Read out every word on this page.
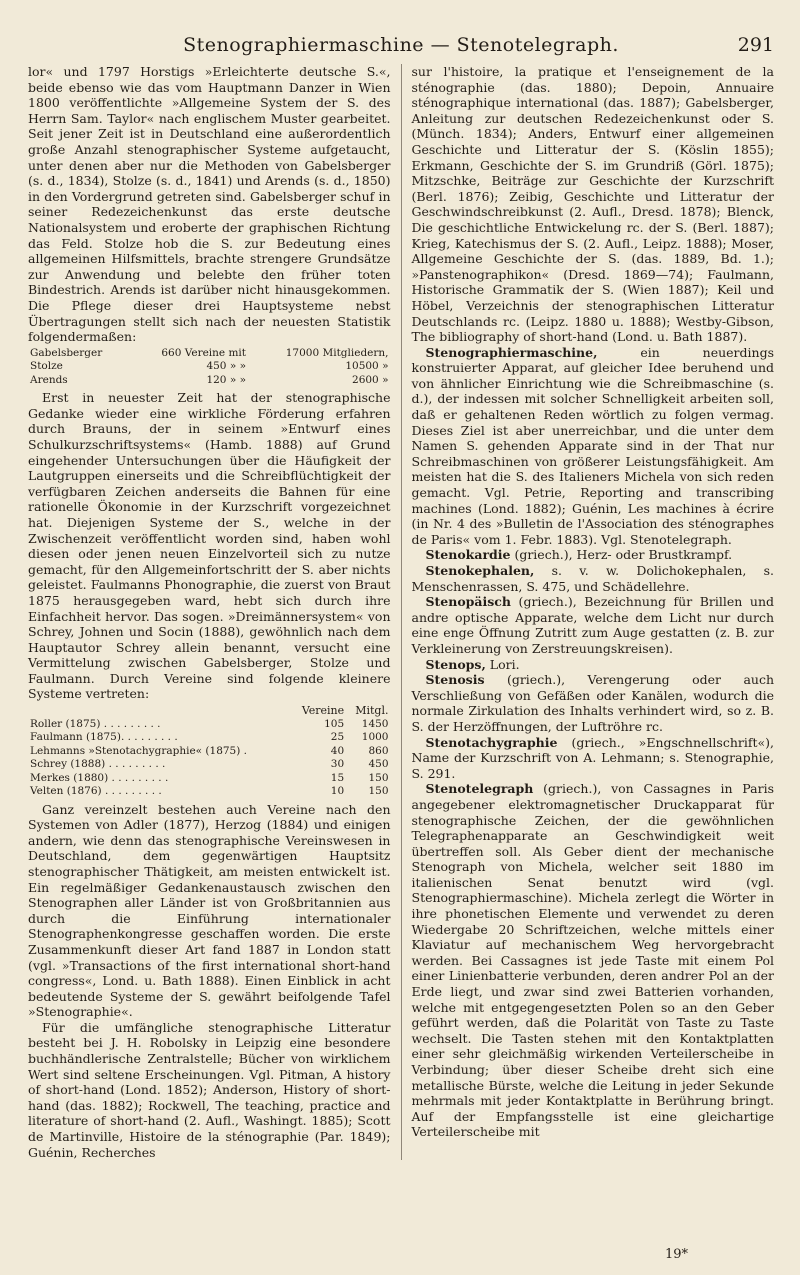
Stenographiermaschine — Stenotelegraph.	291

lor« und 1797 Horstigs »Erleichterte deutsche S.«, beide ebenso wie das vom Hauptmann Danzer in Wien 1800 veröffentlichte »Allgemeine System der S. des Herrn Sam. Taylor« nach englischem Muster gearbeitet. Seit jener Zeit ist in Deutschland eine außerordentlich große Anzahl stenographischer Systeme aufgetaucht, unter denen aber nur die Methoden von Gabelsberger (s. d., 1834), Stolze (s. d., 1841) und Arends (s. d., 1850) in den Vordergrund getreten sind. Gabelsberger schuf in seiner Redezeichenkunst das erste deutsche Nationalsystem und eroberte der graphischen Richtung das Feld. Stolze hob die S. zur Bedeutung eines allgemeinen Hilfsmittels, brachte strengere Grundsätze zur Anwendung und belebte den früher toten Bindestrich. Arends ist darüber nicht hinausgekommen. Die Pflege dieser drei Hauptsysteme nebst Übertragungen stellt sich nach der neuesten Statistik folgendermaßen:

Gabelsberger	660 Vereine mit	17000 Mitgliedern,
Stolze	450 » »	10500 »
Arends	120 » »	2600 »

Erst in neuester Zeit hat der stenographische Gedanke wieder eine wirkliche Förderung erfahren durch Brauns, der in seinem »Entwurf eines Schulkurzschriftsystems« (Hamb. 1888) auf Grund eingehender Untersuchungen über die Häufigkeit der Lautgruppen einerseits und die Schreibflüchtigkeit der verfügbaren Zeichen anderseits die Bahnen für eine rationelle Ökonomie in der Kurzschrift vorgezeichnet hat. Diejenigen Systeme der S., welche in der Zwischenzeit veröffentlicht worden sind, haben wohl diesen oder jenen neuen Einzelvorteil sich zu nutze gemacht, für den Allgemeinfortschritt der S. aber nichts geleistet. Faulmanns Phonographie, die zuerst von Braut 1875 herausgegeben ward, hebt sich durch ihre Einfachheit hervor. Das sogen. »Dreimännersystem« von Schrey, Johnen und Socin (1888), gewöhnlich nach dem Hauptautor Schrey allein benannt, versucht eine Vermittelung zwischen Gabelsberger, Stolze und Faulmann. Durch Vereine sind folgende kleinere Systeme vertreten:

	Vereine	Mitgl.
Roller (1875) . . . . . . . . .	105	1450
Faulmann (1875). . . . . . . . .	25	1000
Lehmanns »Stenotachygraphie« (1875) .	40	860
Schrey (1888) . . . . . . . . .	30	450
Merkes (1880) . . . . . . . . .	15	150
Velten (1876) . . . . . . . . .	10	150

Ganz vereinzelt bestehen auch Vereine nach den Systemen von Adler (1877), Herzog (1884) und einigen andern, wie denn das stenographische Vereinswesen in Deutschland, dem gegenwärtigen Hauptsitz stenographischer Thätigkeit, am meisten entwickelt ist. Ein regelmäßiger Gedankenaustausch zwischen den Stenographen aller Länder ist von Großbritannien aus durch die Einführung internationaler Stenographenkongresse geschaffen worden. Die erste Zusammenkunft dieser Art fand 1887 in London statt (vgl. »Transactions of the first international short-hand congress«, Lond. u. Bath 1888). Einen Einblick in acht bedeutende Systeme der S. gewährt beifolgende Tafel »Stenographie«.

Für die umfängliche stenographische Litteratur besteht bei J. H. Robolsky in Leipzig eine besondere buchhändlerische Zentralstelle; Bücher von wirklichem Wert sind seltene Erscheinungen. Vgl. Pitman, A history of short-hand (Lond. 1852); Anderson, History of short-hand (das. 1882); Rockwell, The teaching, practice and literature of short-hand (2. Aufl., Washingt. 1885); Scott de Martinville, Histoire de la sténographie (Par. 1849); Guénin, Recherches

sur l'histoire, la pratique et l'enseignement de la sténographie (das. 1880); Depoin, Annuaire sténographique international (das. 1887); Gabelsberger, Anleitung zur deutschen Redezeichenkunst oder S. (Münch. 1834); Anders, Entwurf einer allgemeinen Geschichte und Litteratur der S. (Köslin 1855); Erkmann, Geschichte der S. im Grundriß (Görl. 1875); Mitzschke, Beiträge zur Geschichte der Kurzschrift (Berl. 1876); Zeibig, Geschichte und Litteratur der Geschwindschreibkunst (2. Aufl., Dresd. 1878); Blenck, Die geschichtliche Entwickelung rc. der S. (Berl. 1887); Krieg, Katechismus der S. (2. Aufl., Leipz. 1888); Moser, Allgemeine Geschichte der S. (das. 1889, Bd. 1.); »Panstenographikon« (Dresd. 1869—74); Faulmann, Historische Grammatik der S. (Wien 1887); Keil und Höbel, Verzeichnis der stenographischen Litteratur Deutschlands rc. (Leipz. 1880 u. 1888); Westby-Gibson, The bibliography of short-hand (Lond. u. Bath 1887).

Stenographiermaschine, ein neuerdings konstruierter Apparat, auf gleicher Idee beruhend und von ähnlicher Einrichtung wie die Schreibmaschine (s. d.), der indessen mit solcher Schnelligkeit arbeiten soll, daß er gehaltenen Reden wörtlich zu folgen vermag. Dieses Ziel ist aber unerreichbar, und die unter dem Namen S. gehenden Apparate sind in der That nur Schreibmaschinen von größerer Leistungsfähigkeit. Am meisten hat die S. des Italieners Michela von sich reden gemacht. Vgl. Petrie, Reporting and transcribing machines (Lond. 1882); Guénin, Les machines à écrire (in Nr. 4 des »Bulletin de l'Association des sténographes de Paris« vom 1. Febr. 1883). Vgl. Stenotelegraph.

Stenokardie (griech.), Herz- oder Brustkrampf.

Stenokephalen, s. v. w. Dolichokephalen, s. Menschenrassen, S. 475, und Schädellehre.

Stenopäisch (griech.), Bezeichnung für Brillen und andre optische Apparate, welche dem Licht nur durch eine enge Öffnung Zutritt zum Auge gestatten (z. B. zur Verkleinerung von Zerstreuungskreisen).

Stenops, Lori.

Stenosis (griech.), Verengerung oder auch Verschließung von Gefäßen oder Kanälen, wodurch die normale Zirkulation des Inhalts verhindert wird, so z. B. S. der Herzöffnungen, der Luftröhre rc.

Stenotachygraphie (griech., »Engschnellschrift«), Name der Kurzschrift von A. Lehmann; s. Stenographie, S. 291.

Stenotelegraph (griech.), von Cassagnes in Paris angegebener elektromagnetischer Druckapparat für stenographische Zeichen, der die gewöhnlichen Telegraphenapparate an Geschwindigkeit weit übertreffen soll. Als Geber dient der mechanische Stenograph von Michela, welcher seit 1880 im italienischen Senat benutzt wird (vgl. Stenographiermaschine). Michela zerlegt die Wörter in ihre phonetischen Elemente und verwendet zu deren Wiedergabe 20 Schriftzeichen, welche mittels einer Klaviatur auf mechanischem Weg hervorgebracht werden. Bei Cassagnes ist jede Taste mit einem Pol einer Linienbatterie verbunden, deren andrer Pol an der Erde liegt, und zwar sind zwei Batterien vorhanden, welche mit entgegengesetzten Polen so an den Geber geführt werden, daß die Polarität von Taste zu Taste wechselt. Die Tasten stehen mit den Kontaktplatten einer sehr gleichmäßig wirkenden Verteilerscheibe in Verbindung; über dieser Scheibe dreht sich eine metallische Bürste, welche die Leitung in jeder Sekunde mehrmals mit jeder Kontaktplatte in Berührung bringt. Auf der Empfangsstelle ist eine gleichartige Verteilerscheibe mit

19*
